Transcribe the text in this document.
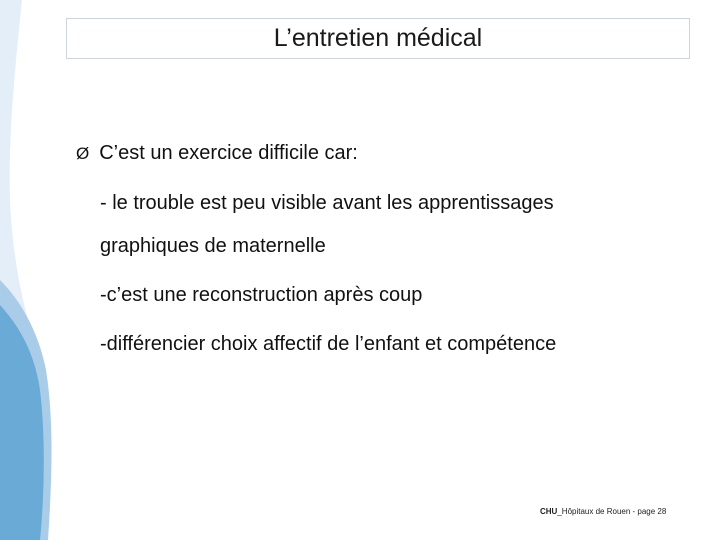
L’entretien médical
Ø C’est un exercice difficile car:
- le trouble est peu visible avant les apprentissages
graphiques de maternelle
-c’est une reconstruction après coup
-différencier choix affectif de l’enfant et compétence
CHU_Hôpitaux de Rouen - page 28
